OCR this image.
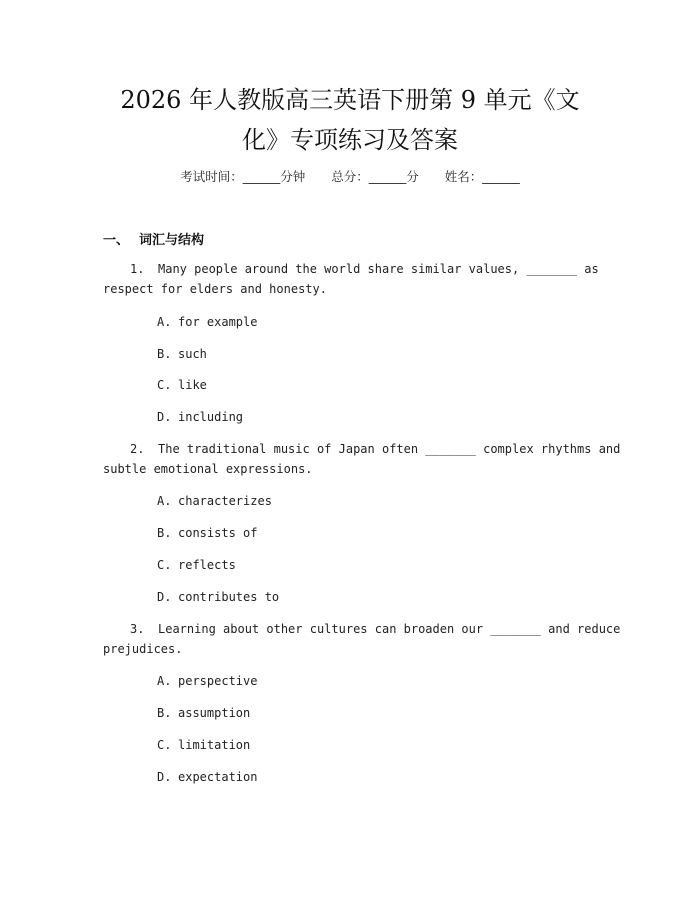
2026 年人教版高三英语下册第 9 单元《文
化》专项练习及答案
考试时间：______分钟 总分：______分 姓名：______
一、 词汇与结构
1. Many people around the world share similar values, _______ as
respect for elders and honesty.
A. for example
B. such
C. like
D. including
2. The traditional music of Japan often _______ complex rhythms and
subtle emotional expressions.
A. characterizes
B. consists of
C. reflects
D. contributes to
3. Learning about other cultures can broaden our _______ and reduce
prejudices.
A. perspective
B. assumption
C. limitation
D. expectation
